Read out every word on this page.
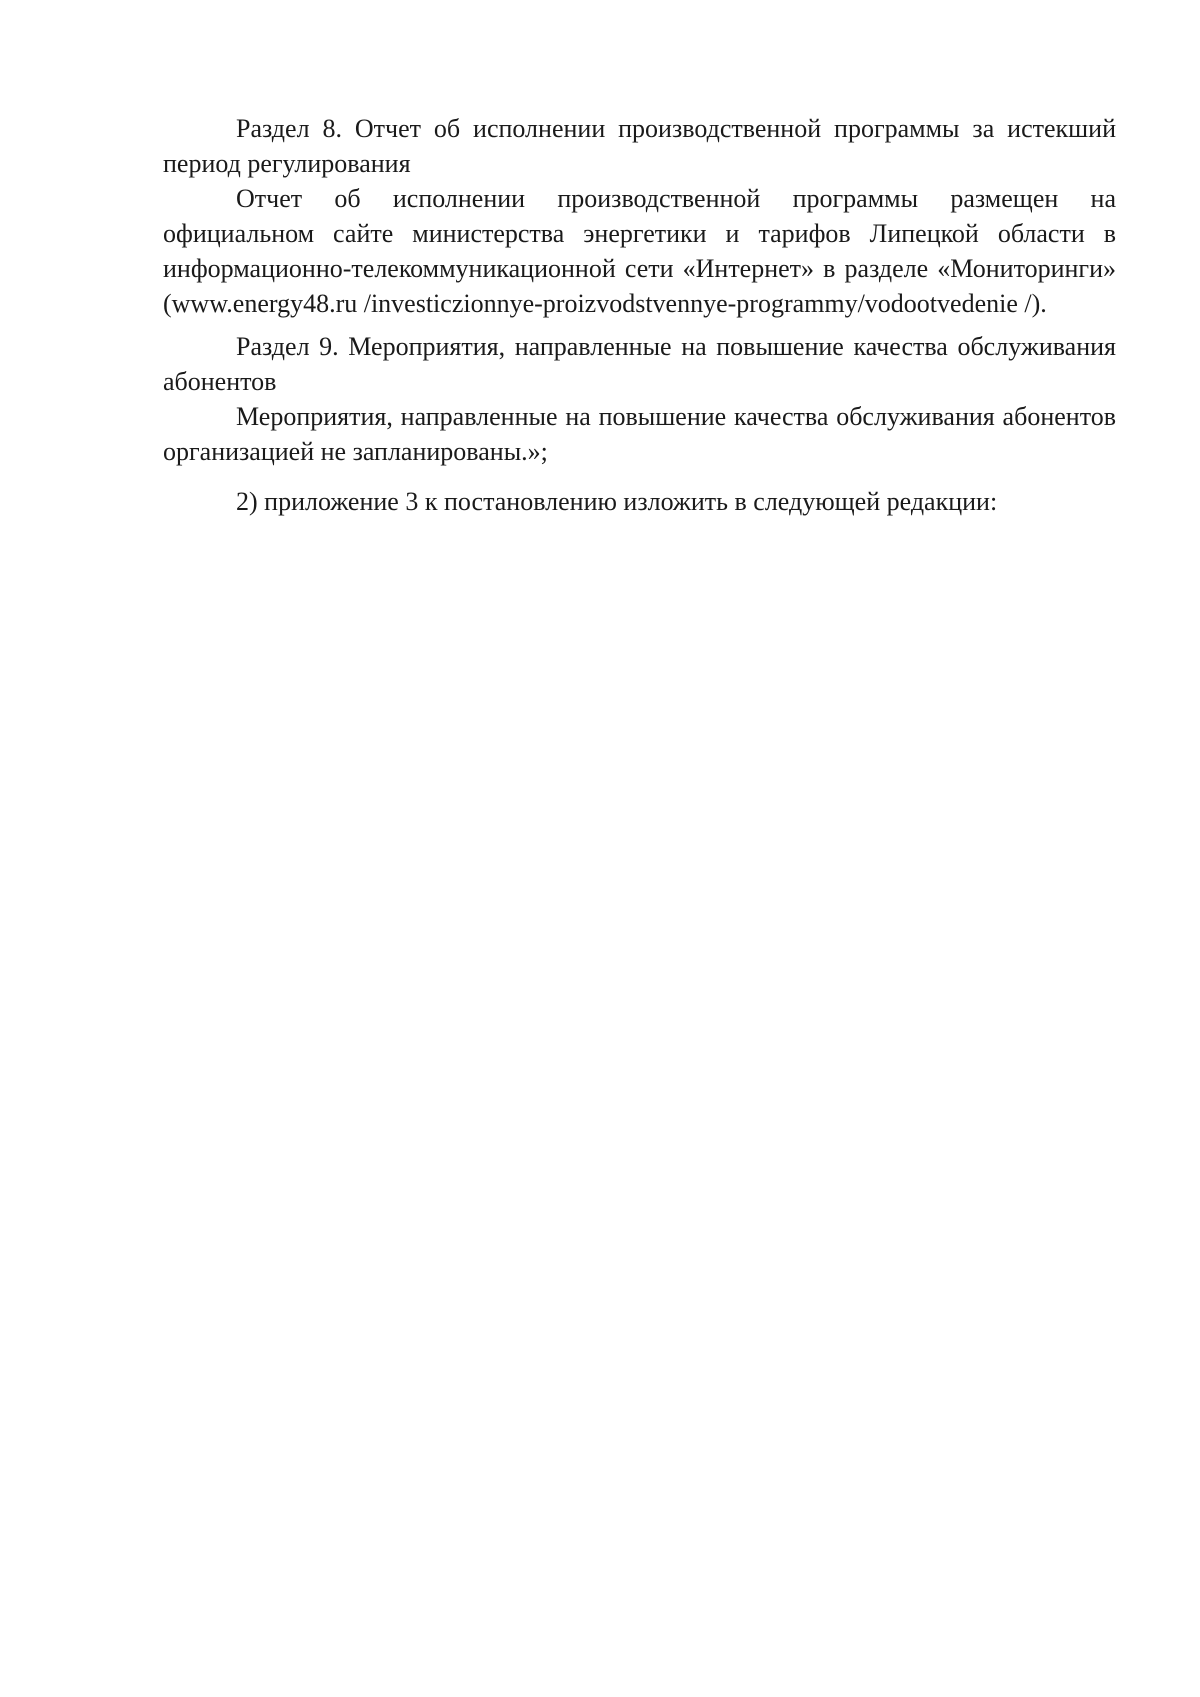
Раздел 8. Отчет об исполнении производственной программы за истекший период регулирования

Отчет об исполнении производственной программы размещен на официальном сайте министерства энергетики и тарифов Липецкой области в информационно-телекоммуникационной сети «Интернет» в разделе «Мониторинги» (www.energy48.ru /investiczionnye-proizvodstvennye-programmy/vodootvedenie /).

Раздел 9. Мероприятия, направленные на повышение качества обслуживания абонентов

Мероприятия, направленные на повышение качества обслуживания абонентов организацией не запланированы.»;

2) приложение 3 к постановлению изложить в следующей редакции:
